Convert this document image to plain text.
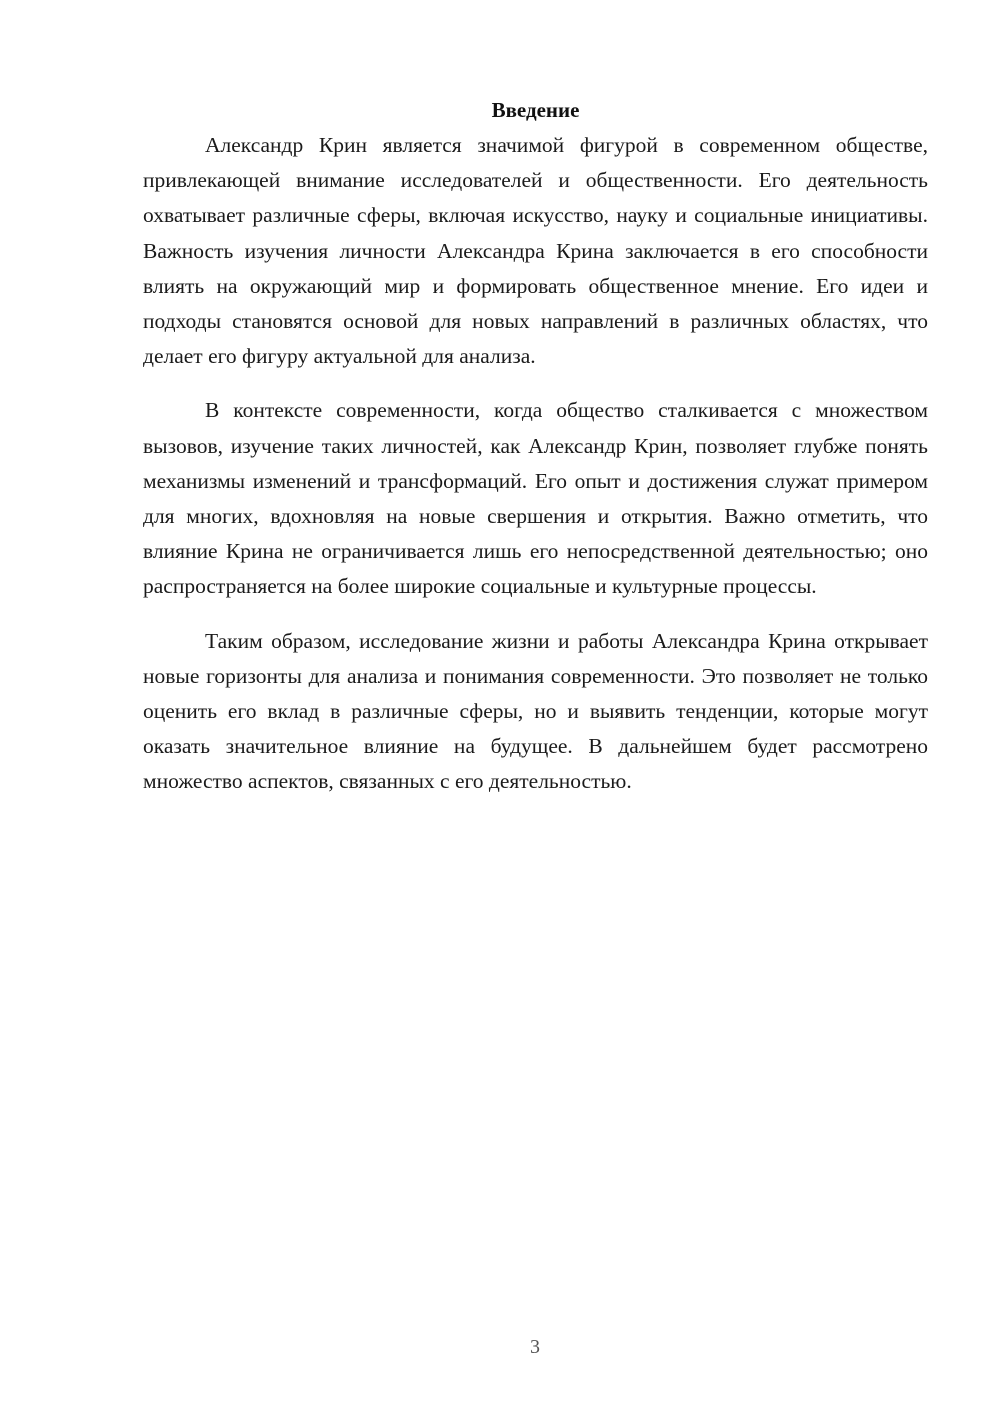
Введение

Александр Крин является значимой фигурой в современном обществе, привлекающей внимание исследователей и общественности. Его деятельность охватывает различные сферы, включая искусство, науку и социальные инициативы. Важность изучения личности Александра Крина заключается в его способности влиять на окружающий мир и формировать общественное мнение. Его идеи и подходы становятся основой для новых направлений в различных областях, что делает его фигуру актуальной для анализа.

В контексте современности, когда общество сталкивается с множеством вызовов, изучение таких личностей, как Александр Крин, позволяет глубже понять механизмы изменений и трансформаций. Его опыт и достижения служат примером для многих, вдохновляя на новые свершения и открытия. Важно отметить, что влияние Крина не ограничивается лишь его непосредственной деятельностью; оно распространяется на более широкие социальные и культурные процессы.

Таким образом, исследование жизни и работы Александра Крина открывает новые горизонты для анализа и понимания современности. Это позволяет не только оценить его вклад в различные сферы, но и выявить тенденции, которые могут оказать значительное влияние на будущее. В дальнейшем будет рассмотрено множество аспектов, связанных с его деятельностью.

3
